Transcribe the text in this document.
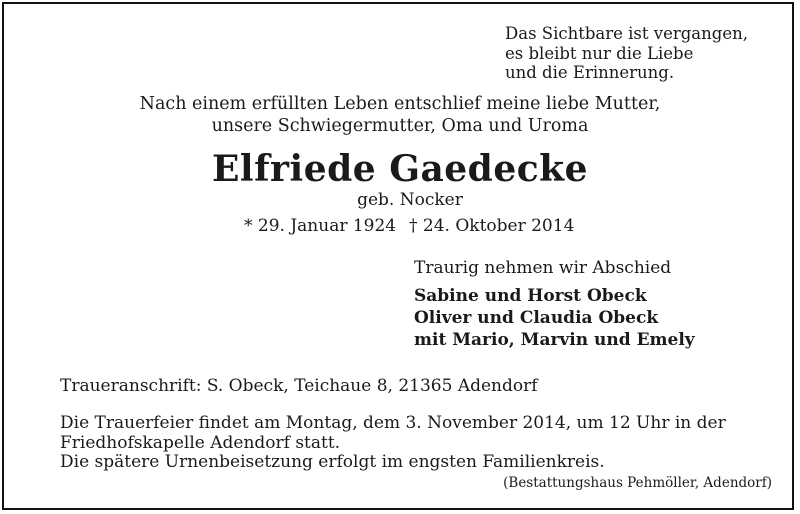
Das Sichtbare ist vergangen,
es bleibt nur die Liebe
und die Erinnerung.
Nach einem erfüllten Leben entschlief meine liebe Mutter,
unsere Schwiegermutter, Oma und Uroma
Elfriede Gaedecke
geb. Nocker
* 29. Januar 1924 † 24. Oktober 2014
Traurig nehmen wir Abschied
Sabine und Horst Obeck
Oliver und Claudia Obeck
mit Mario, Marvin und Emely
Traueranschrift: S. Obeck, Teichaue 8, 21365 Adendorf
Die Trauerfeier findet am Montag, dem 3. November 2014, um 12 Uhr in der
Friedhofskapelle Adendorf statt.
Die spätere Urnenbeisetzung erfolgt im engsten Familienkreis.
(Bestattungshaus Pehmöller, Adendorf)
